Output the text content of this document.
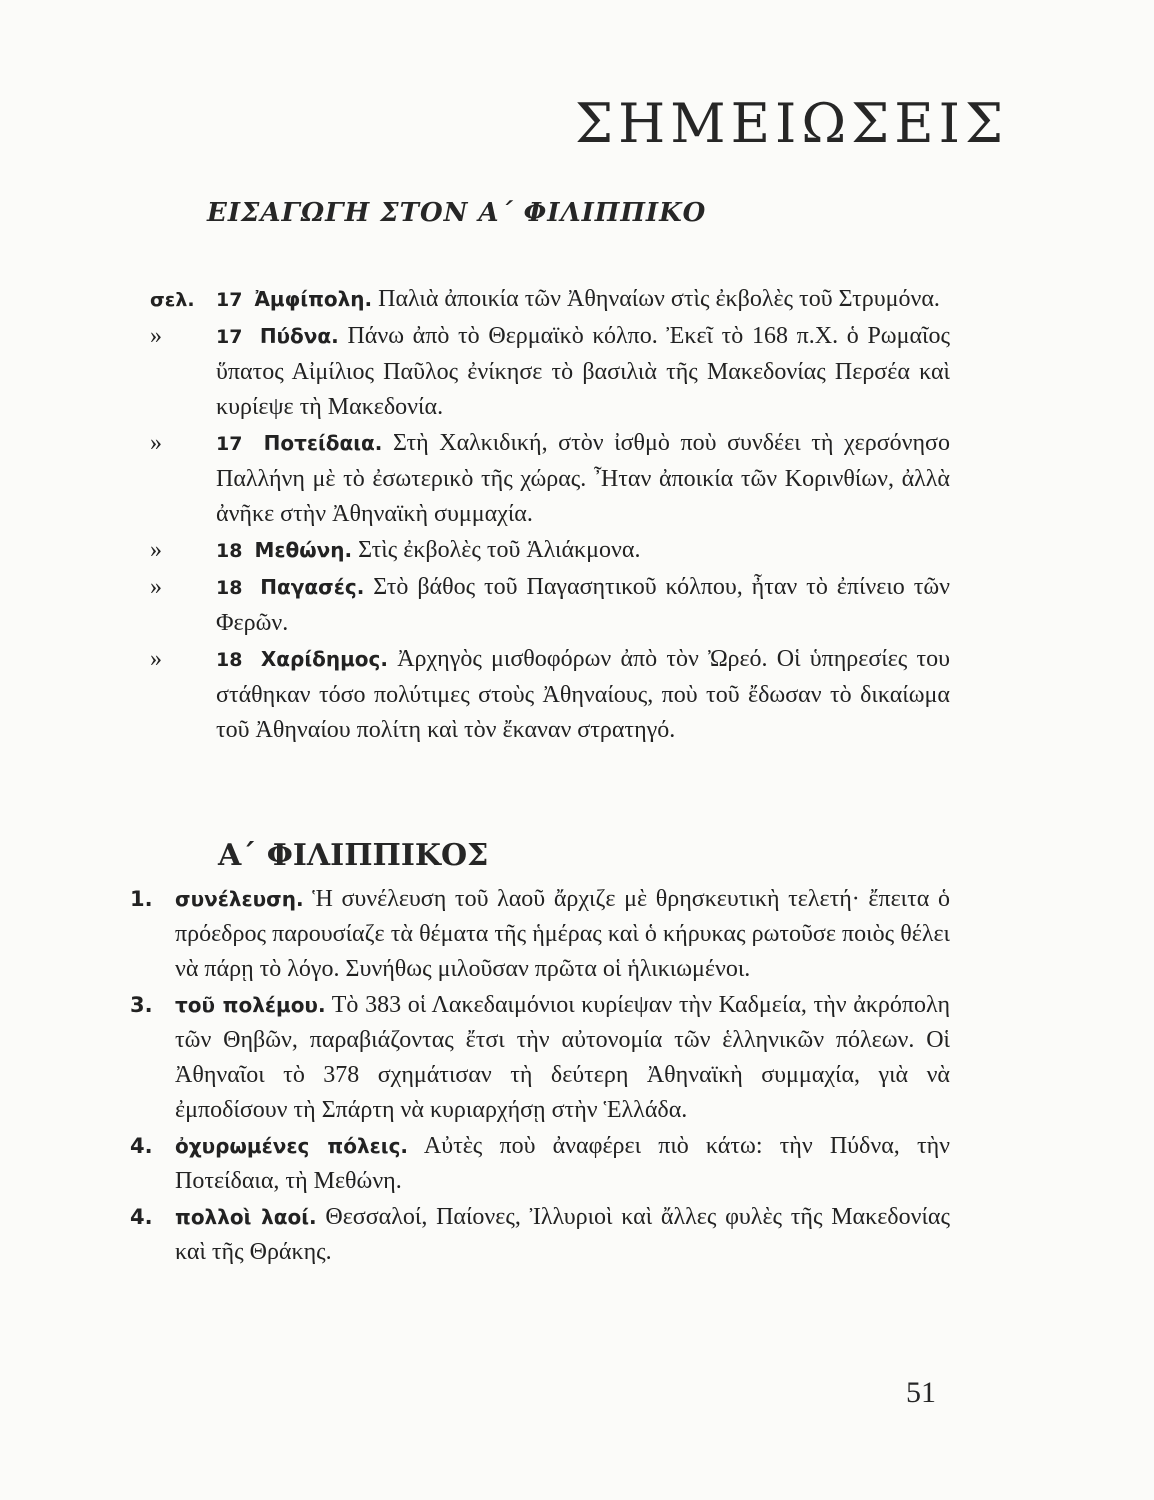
ΣΗΜΕΙΩΣΕΙΣ
ΕΙΣΑΓΩΓΗ ΣΤΟΝ Α΄ ΦΙΛΙΠΠΙΚΟ
σελ.	17 Ἀμφίπολη. Παλιὰ ἀποικία τῶν Ἀθηναίων στὶς ἐκβολὲς τοῦ Στρυμόνα.
»	17 Πύδνα. Πάνω ἀπὸ τὸ Θερμαϊκὸ κόλπο. Ἐκεῖ τὸ 168 π.Χ. ὁ Ρωμαῖος ὕπατος Αἰμίλιος Παῦλος ἐνίκησε τὸ βασιλιὰ τῆς Μακεδονίας Περσέα καὶ κυρίεψε τὴ Μακεδονία.
»	17 Ποτείδαια. Στὴ Χαλκιδική, στὸν ἰσθμὸ ποὺ συνδέει τὴ χερσόνησο Παλλήνη μὲ τὸ ἐσωτερικὸ τῆς χώρας. Ἦταν ἀποικία τῶν Κορινθίων, ἀλλὰ ἀνῆκε στὴν Ἀθηναϊκὴ συμμαχία.
»	18 Μεθώνη. Στὶς ἐκβολὲς τοῦ Ἁλιάκμονα.
»	18 Παγασές. Στὸ βάθος τοῦ Παγασητικοῦ κόλπου, ἦταν τὸ ἐπίνειο τῶν Φερῶν.
»	18 Χαρίδημος. Ἀρχηγὸς μισθοφόρων ἀπὸ τὸν Ὠρεό. Οἱ ὑπηρεσίες του στάθηκαν τόσο πολύτιμες στοὺς Ἀθηναίους, ποὺ τοῦ ἔδωσαν τὸ δικαίωμα τοῦ Ἀθηναίου πολίτη καὶ τὸν ἔκαναν στρατηγό.
Α΄ ΦΙΛΙΠΠΙΚΟΣ
1.	συνέλευση. Ἡ συνέλευση τοῦ λαοῦ ἄρχιζε μὲ θρησκευτικὴ τελετή· ἔπειτα ὁ πρόεδρος παρουσίαζε τὰ θέματα τῆς ἡμέρας καὶ ὁ κήρυκας ρωτοῦσε ποιὸς θέλει νὰ πάρῃ τὸ λόγο. Συνήθως μιλοῦσαν πρῶτα οἱ ἡλικιωμένοι.
3.	τοῦ πολέμου. Τὸ 383 οἱ Λακεδαιμόνιοι κυρίεψαν τὴν Καδμεία, τὴν ἀκρόπολη τῶν Θηβῶν, παραβιάζοντας ἔτσι τὴν αὐτονομία τῶν ἑλληνικῶν πόλεων. Οἱ Ἀθηναῖοι τὸ 378 σχημάτισαν τὴ δεύτερη Ἀθηναϊκὴ συμμαχία, γιὰ νὰ ἐμποδίσουν τὴ Σπάρτη νὰ κυριαρχήσῃ στὴν Ἑλλάδα.
4.	ὀχυρωμένες πόλεις. Αὐτὲς ποὺ ἀναφέρει πιὸ κάτω: τὴν Πύδνα, τὴν Ποτείδαια, τὴ Μεθώνη.
4.	πολλοὶ λαοί. Θεσσαλοί, Παίονες, Ἰλλυριοὶ καὶ ἄλλες φυλὲς τῆς Μακεδονίας καὶ τῆς Θράκης.
51
